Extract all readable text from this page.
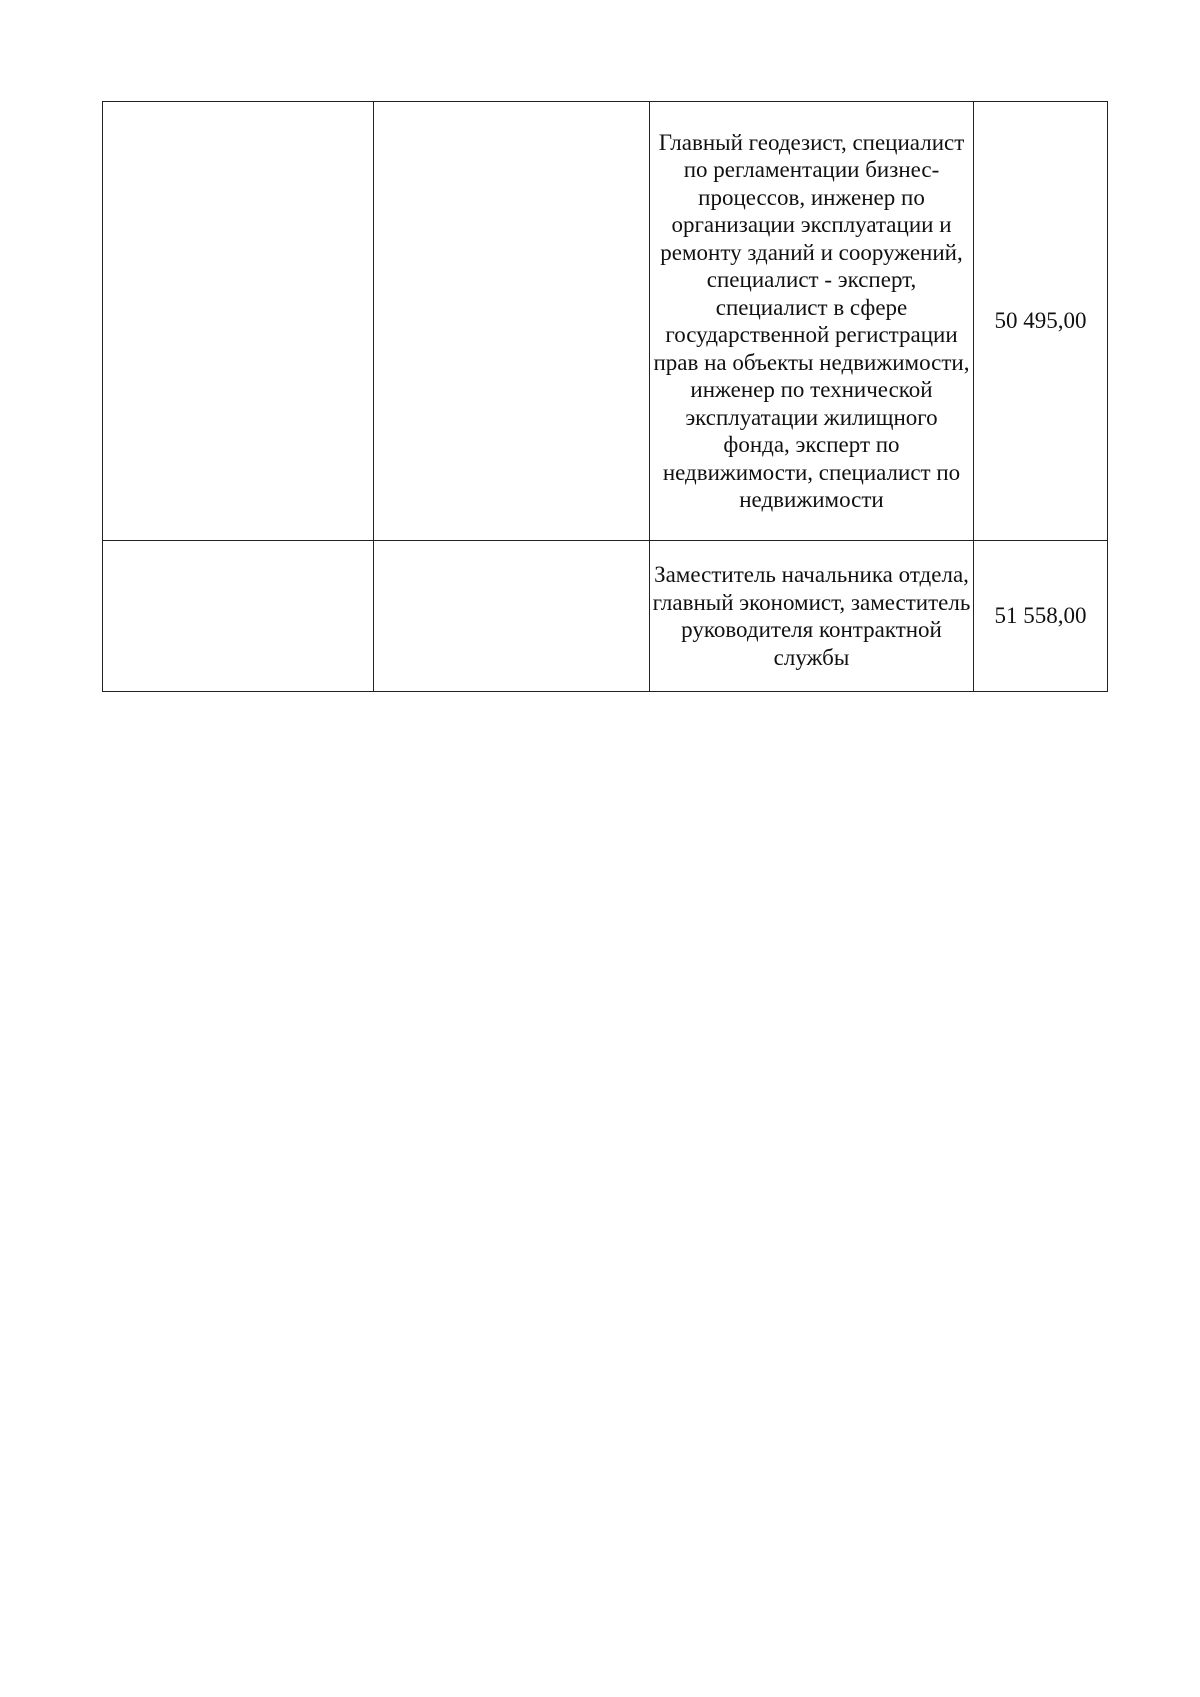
		Главный геодезист, специалист по регламентации бизнес-процессов, инженер по организации эксплуатации и ремонту зданий и сооружений, специалист - эксперт, специалист в сфере государственной регистрации прав на объекты недвижимости, инженер по технической эксплуатации жилищного фонда, эксперт по недвижимости, специалист по недвижимости	50 495,00

		Заместитель начальника отдела, главный экономист, заместитель руководителя контрактной службы	51 558,00
